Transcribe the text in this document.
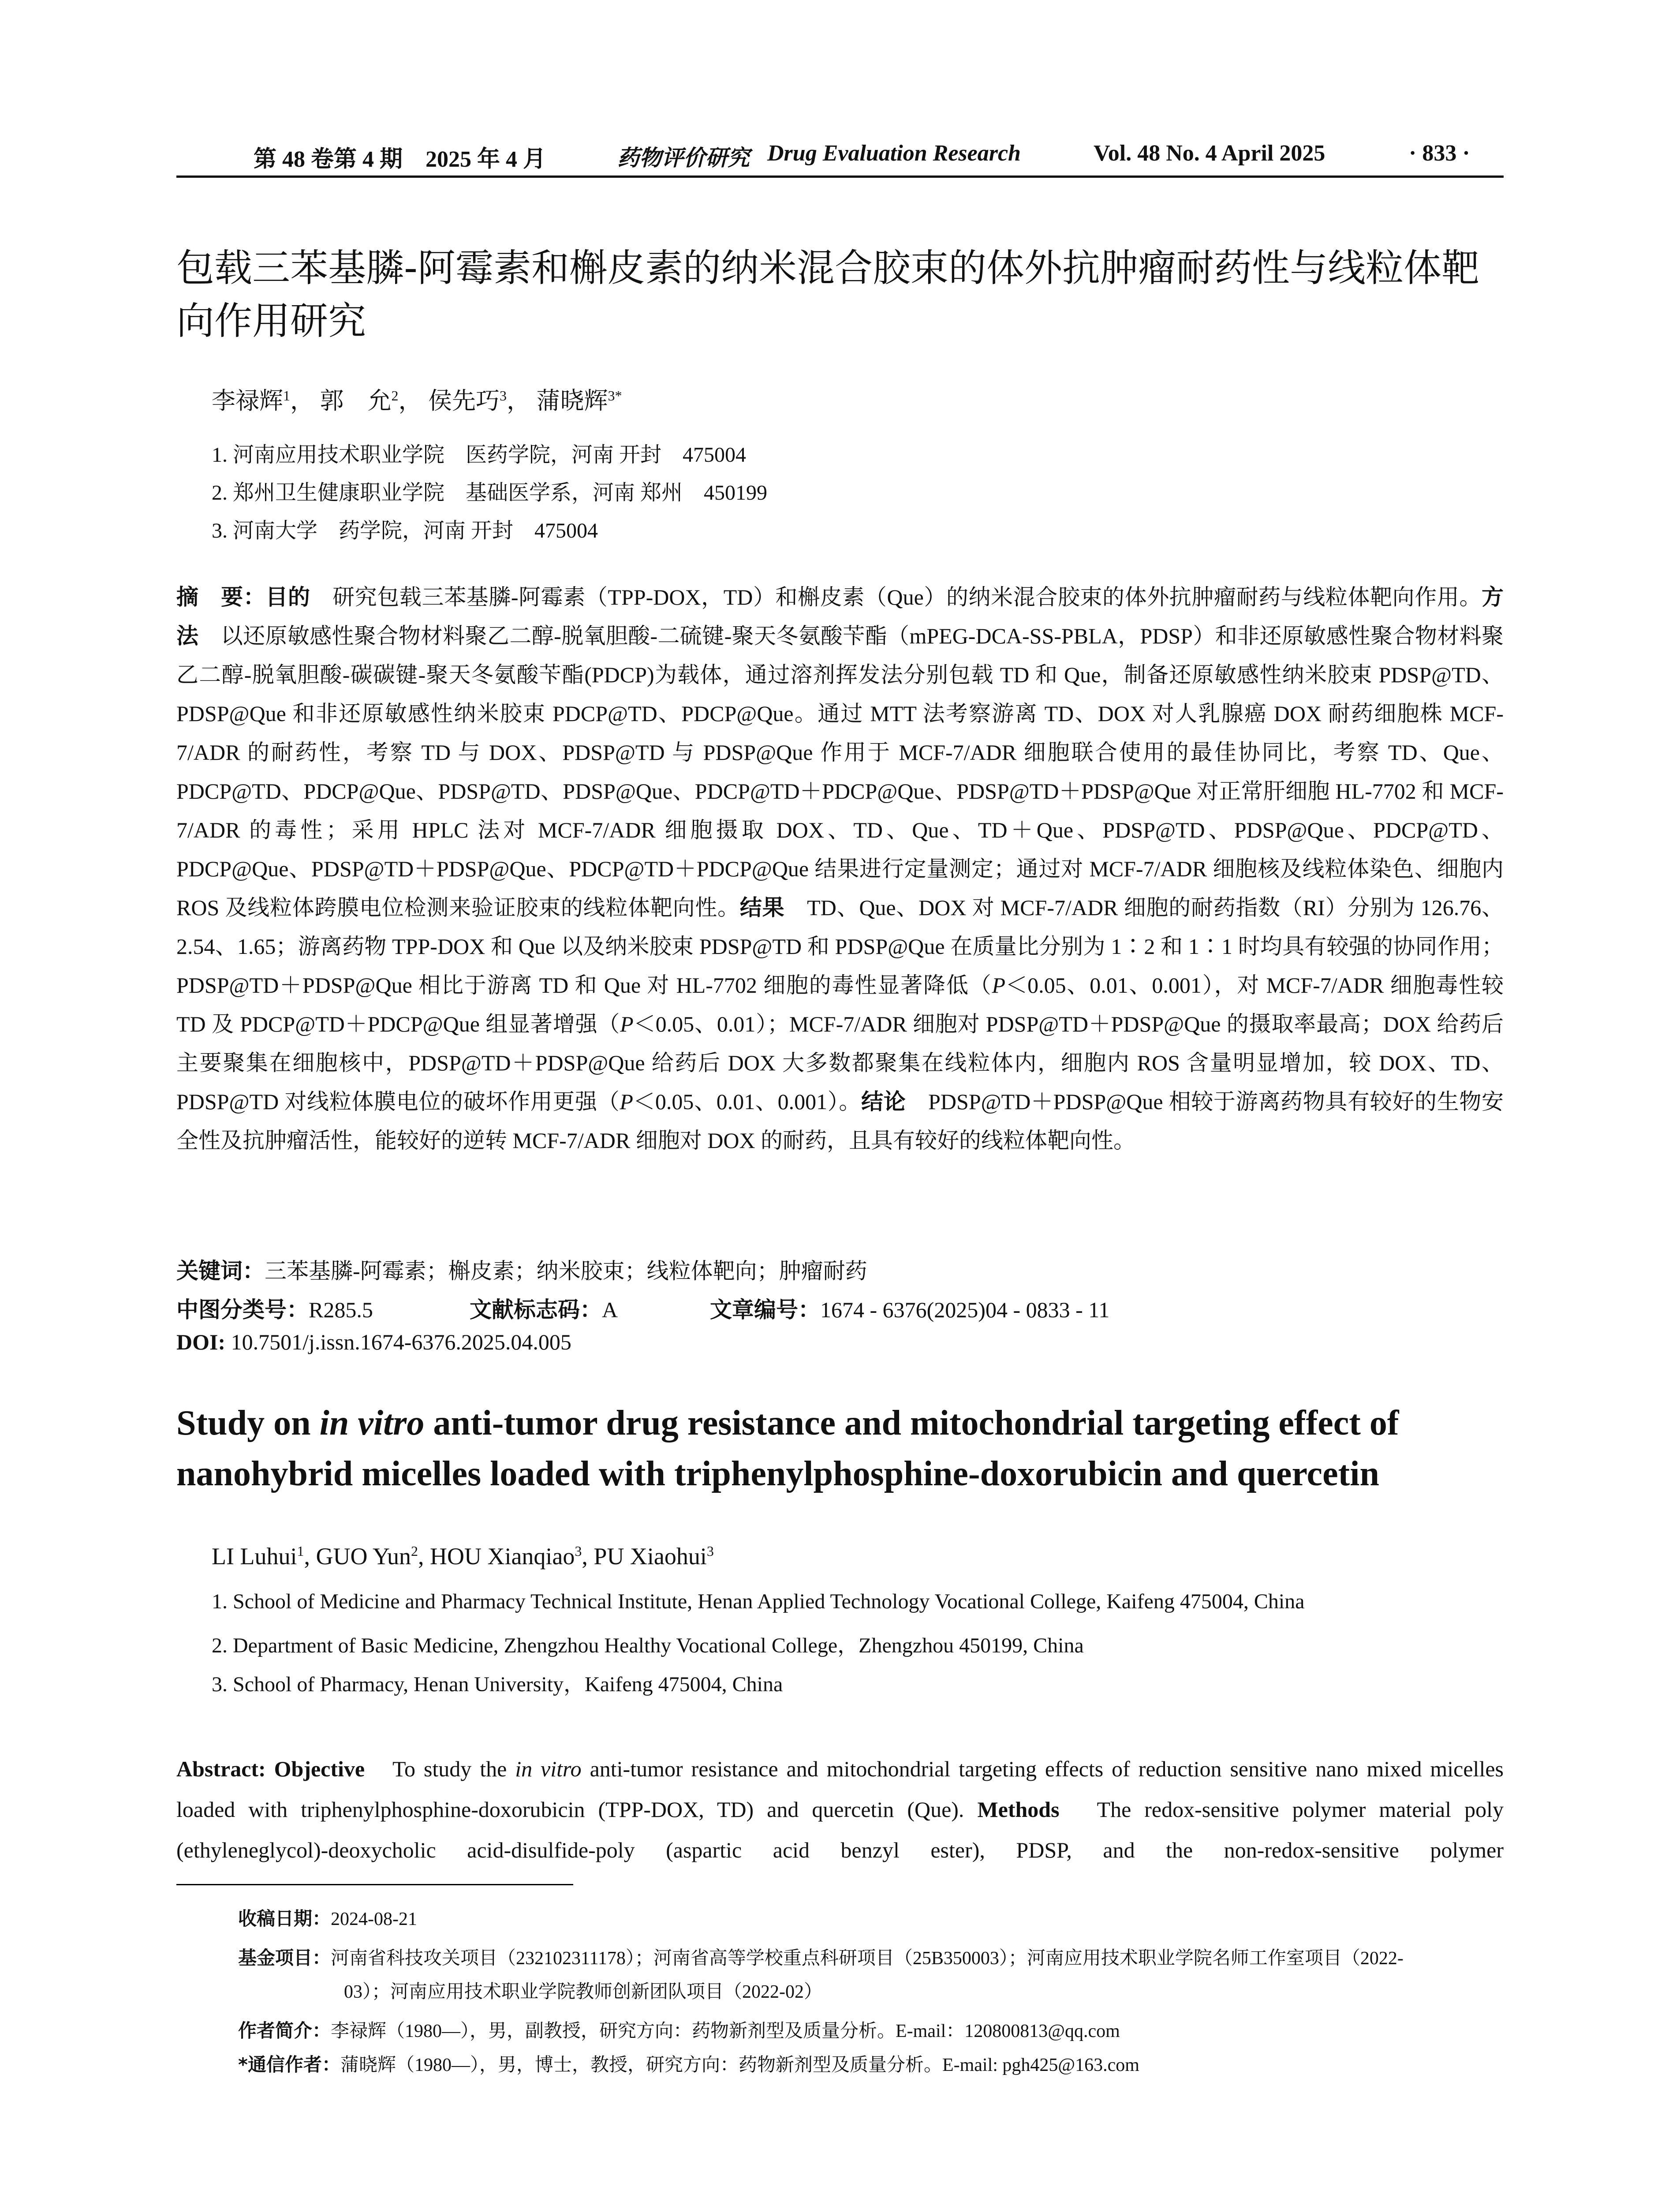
第 48 卷第 4 期　2025 年 4 月	药物评价研究 Drug Evaluation Research	Vol. 48 No. 4 April 2025	· 833 ·
包载三苯基膦-阿霉素和槲皮素的纳米混合胶束的体外抗肿瘤耐药性与线粒体靶向作用研究
李禄辉$^1$， 郭　允$^2$， 侯先巧$^3$， 蒲晓辉$^{3*}$
1. 河南应用技术职业学院　医药学院，河南 开封　475004
2. 郑州卫生健康职业学院　基础医学系，河南 郑州　450199
3. 河南大学　药学院，河南 开封　475004
摘　要：目的　研究包载三苯基膦-阿霉素（TPP-DOX，TD）和槲皮素（Que）的纳米混合胶束的体外抗肿瘤耐药与线粒体靶向作用。方法　以还原敏感性聚合物材料聚乙二醇-脱氧胆酸-二硫键-聚天冬氨酸苄酯（mPEG-DCA-SS-PBLA，PDSP）和非还原敏感性聚合物材料聚乙二醇-脱氧胆酸-碳碳键-聚天冬氨酸苄酯(PDCP)为载体，通过溶剂挥发法分别包载 TD 和 Que，制备还原敏感性纳米胶束 PDSP@TD、PDSP@Que 和非还原敏感性纳米胶束 PDCP@TD、PDCP@Que。通过 MTT 法考察游离 TD、DOX 对人乳腺癌 DOX 耐药细胞株 MCF-7/ADR 的耐药性，考察 TD 与 DOX、PDSP@TD 与 PDSP@Que 作用于 MCF-7/ADR 细胞联合使用的最佳协同比，考察 TD、Que、PDCP@TD、PDCP@Que、PDSP@TD、PDSP@Que、PDCP@TD＋PDCP@Que、PDSP@TD＋PDSP@Que 对正常肝细胞 HL-7702 和 MCF-7/ADR 的毒性；采用 HPLC 法对 MCF-7/ADR 细胞摄取 DOX、TD、Que、TD＋Que、PDSP@TD、PDSP@Que、PDCP@TD、PDCP@Que、PDSP@TD＋PDSP@Que、PDCP@TD＋PDCP@Que 结果进行定量测定；通过对 MCF-7/ADR 细胞核及线粒体染色、细胞内 ROS 及线粒体跨膜电位检测来验证胶束的线粒体靶向性。结果　TD、Que、DOX 对 MCF-7/ADR 细胞的耐药指数（RI）分别为 126.76、2.54、1.65；游离药物 TPP-DOX 和 Que 以及纳米胶束 PDSP@TD 和 PDSP@Que 在质量比分别为 1∶2 和 1∶1 时均具有较强的协同作用；PDSP@TD＋PDSP@Que 相比于游离 TD 和 Que 对 HL-7702 细胞的毒性显著降低（P＜0.05、0.01、0.001），对 MCF-7/ADR 细胞毒性较 TD 及 PDCP@TD＋PDCP@Que 组显著增强（P＜0.05、0.01）；MCF-7/ADR 细胞对 PDSP@TD＋PDSP@Que 的摄取率最高；DOX 给药后主要聚集在细胞核中，PDSP@TD＋PDSP@Que 给药后 DOX 大多数都聚集在线粒体内，细胞内 ROS 含量明显增加，较 DOX、TD、PDSP@TD 对线粒体膜电位的破坏作用更强（P＜0.05、0.01、0.001）。结论　PDSP@TD＋PDSP@Que 相较于游离药物具有较好的生物安全性及抗肿瘤活性，能较好的逆转 MCF-7/ADR 细胞对 DOX 的耐药，且具有较好的线粒体靶向性。
关键词：三苯基膦-阿霉素；槲皮素；纳米胶束；线粒体靶向；肿瘤耐药
中图分类号：R285.5	文献标志码：A	文章编号：1674 - 6376(2025)04 - 0833 - 11
DOI: 10.7501/j.issn.1674-6376.2025.04.005
Study on in vitro anti-tumor drug resistance and mitochondrial targeting effect of nanohybrid micelles loaded with triphenylphosphine-doxorubicin and quercetin
LI Luhui$^1$, GUO Yun$^2$, HOU Xianqiao$^3$, PU Xiaohui$^3$
1. School of Medicine and Pharmacy Technical Institute, Henan Applied Technology Vocational College, Kaifeng 475004, China
2. Department of Basic Medicine, Zhengzhou Healthy Vocational College，Zhengzhou 450199, China
3. School of Pharmacy, Henan University，Kaifeng 475004, China
Abstract: Objective　To study the in vitro anti-tumor resistance and mitochondrial targeting effects of reduction sensitive nano mixed micelles loaded with triphenylphosphine-doxorubicin (TPP-DOX, TD) and quercetin (Que). Methods　The redox-sensitive polymer material poly (ethyleneglycol)-deoxycholic acid-disulfide-poly (aspartic acid benzyl ester), PDSP, and the non-redox-sensitive polymer
收稿日期：2024-08-21
基金项目：河南省科技攻关项目（232102311178）；河南省高等学校重点科研项目（25B350003）；河南应用技术职业学院名师工作室项目（2022-
03）；河南应用技术职业学院教师创新团队项目（2022-02）
作者简介：李禄辉（1980—），男，副教授，研究方向：药物新剂型及质量分析。E-mail：120800813@qq.com
*通信作者：蒲晓辉（1980—），男，博士，教授，研究方向：药物新剂型及质量分析。E-mail: pgh425@163.com
